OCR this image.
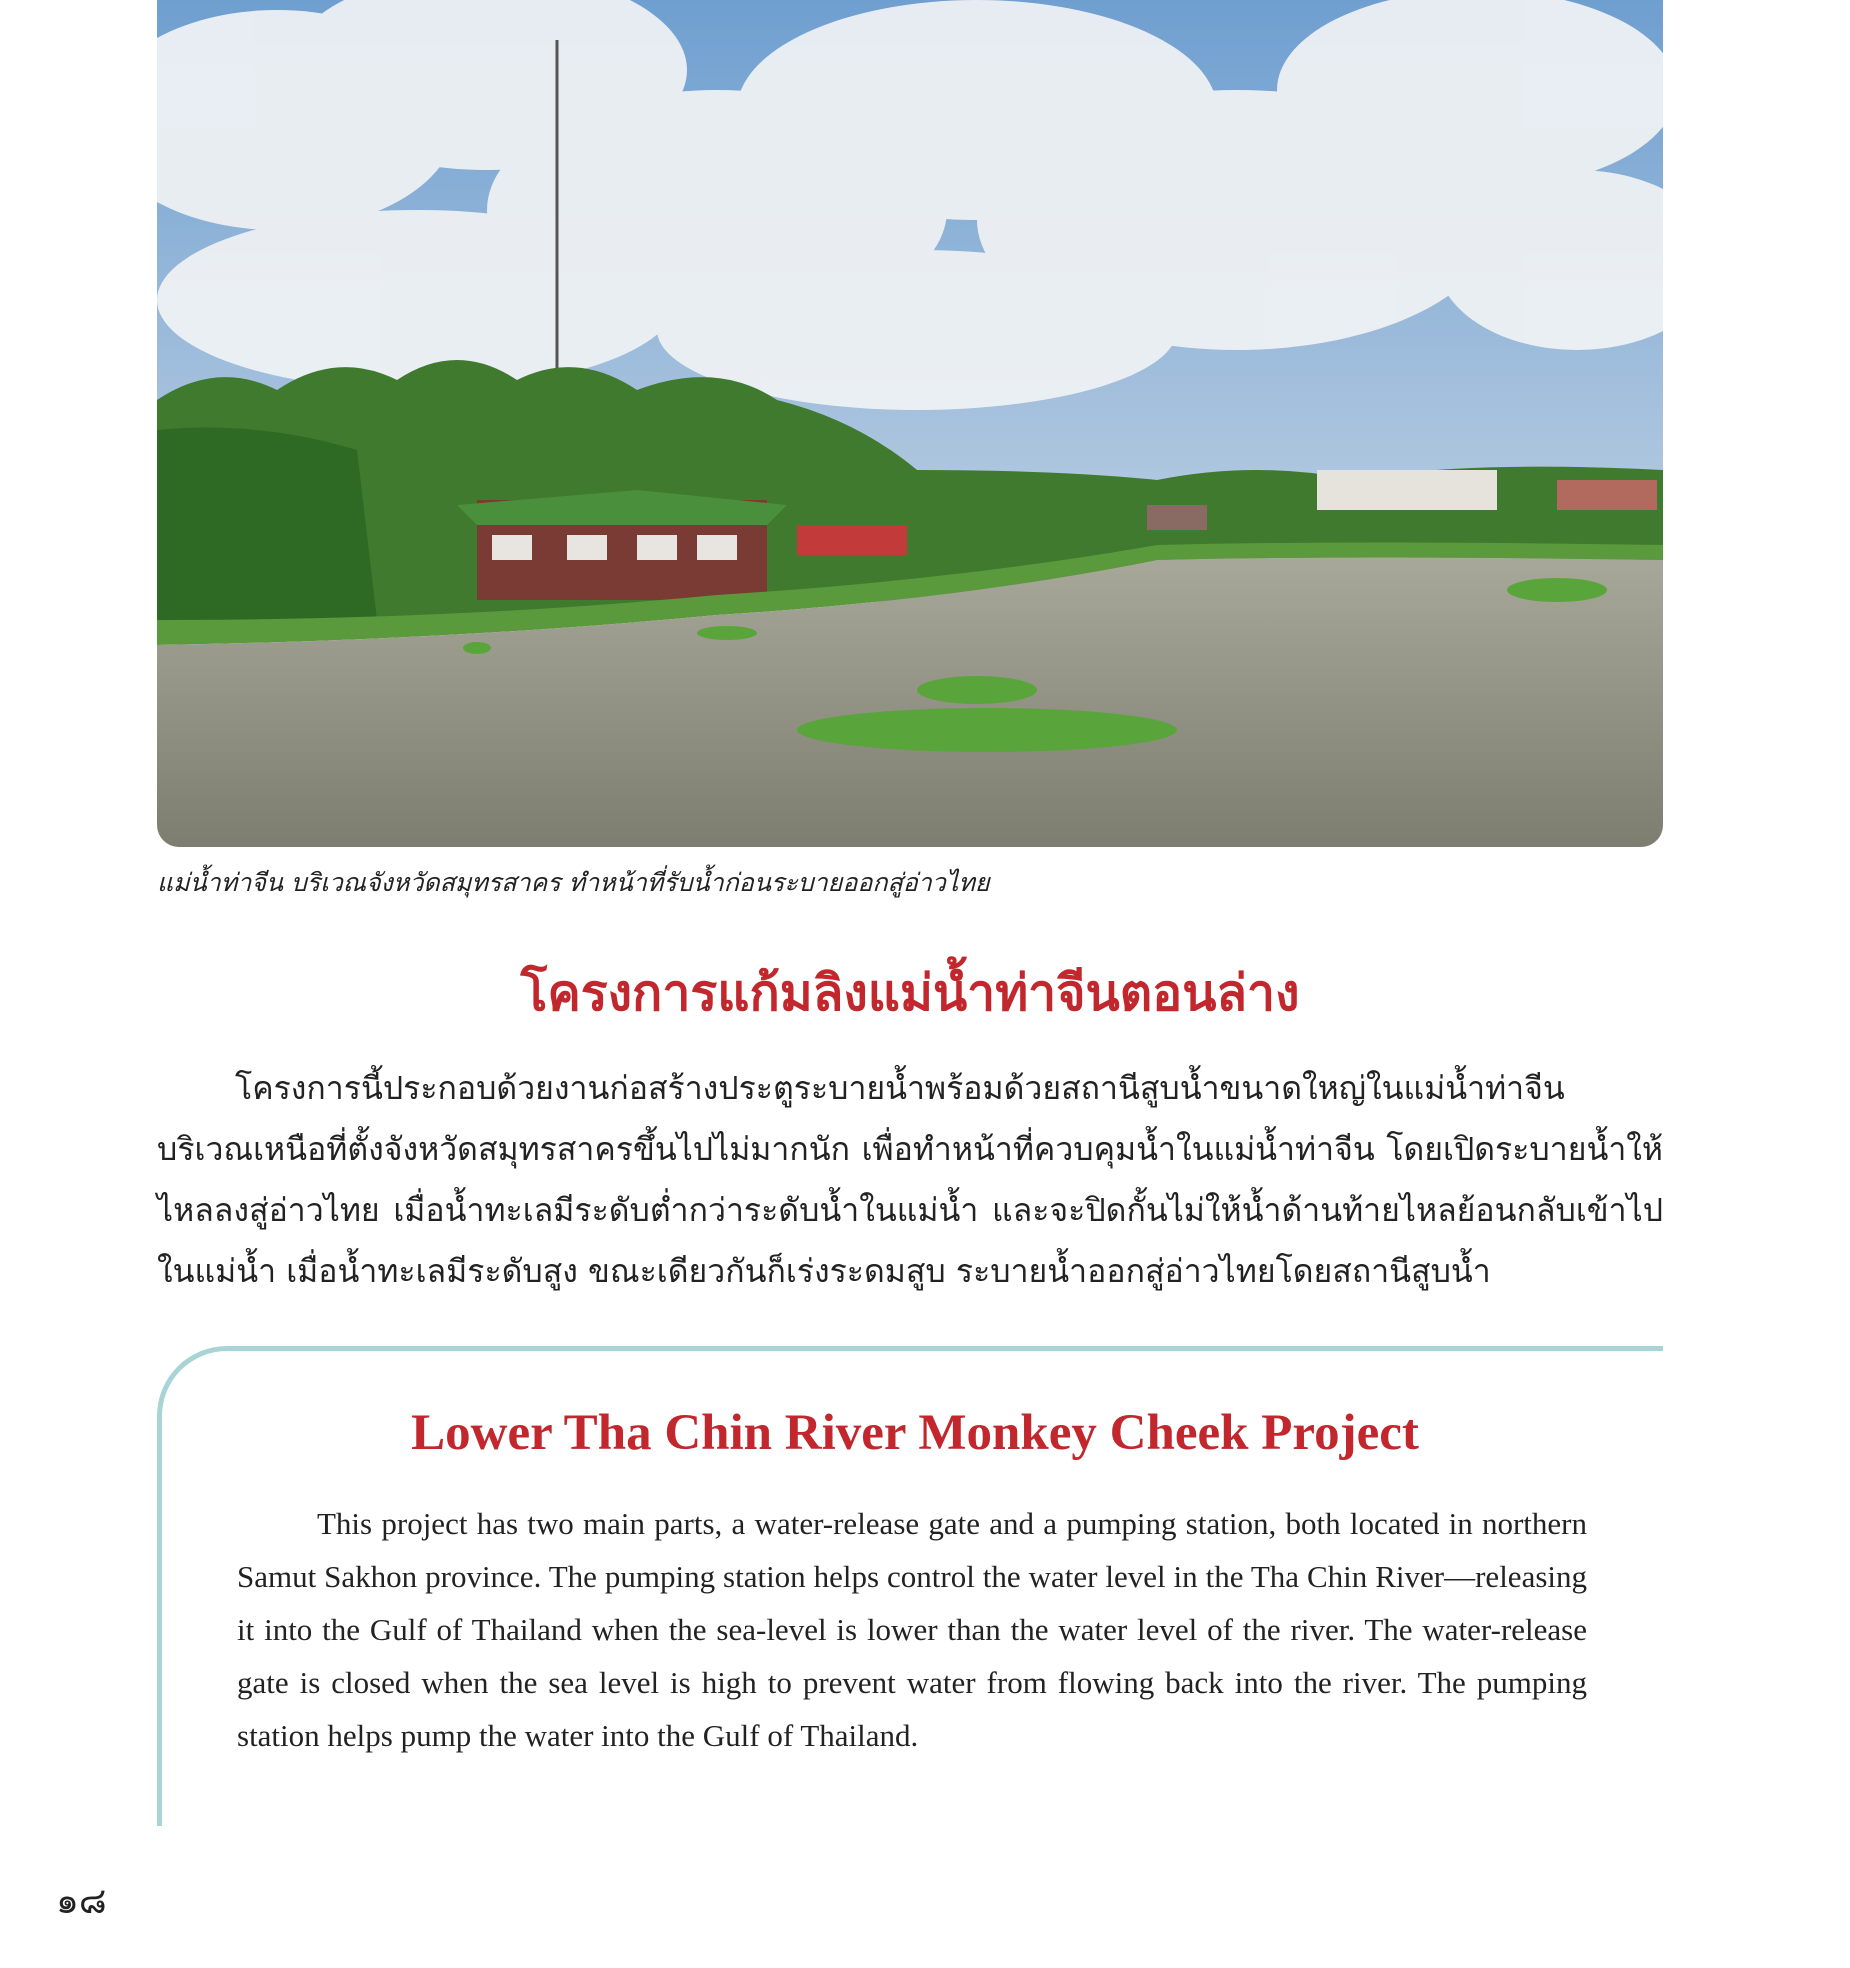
แม่น้ำท่าจีน บริเวณจังหวัดสมุทรสาคร ทำหน้าที่รับน้ำก่อนระบายออกสู่อ่าวไทย

โครงการแก้มลิงแม่น้ำท่าจีนตอนล่าง

โครงการนี้ประกอบด้วยงานก่อสร้างประตูระบายน้ำพร้อมด้วยสถานีสูบน้ำขนาดใหญ่ในแม่น้ำท่าจีน บริเวณเหนือที่ตั้งจังหวัดสมุทรสาครขึ้นไปไม่มากนัก เพื่อทำหน้าที่ควบคุมน้ำในแม่น้ำท่าจีน โดยเปิดระบายน้ำให้ไหลลงสู่อ่าวไทย เมื่อน้ำทะเลมีระดับต่ำกว่าระดับน้ำในแม่น้ำ และจะปิดกั้นไม่ให้น้ำด้านท้ายไหลย้อนกลับเข้าไปในแม่น้ำ เมื่อน้ำทะเลมีระดับสูง ขณะเดียวกันก็เร่งระดมสูบ ระบายน้ำออกสู่อ่าวไทยโดยสถานีสูบน้ำ

Lower Tha Chin River Monkey Cheek Project

This project has two main parts, a water-release gate and a pumping station, both located in northern Samut Sakhon province. The pumping station helps control the water level in the Tha Chin River—releasing it into the Gulf of Thailand when the sea-level is lower than the water level of the river. The water-release gate is closed when the sea level is high to prevent water from flowing back into the river. The pumping station helps pump the water into the Gulf of Thailand.

๑๘
